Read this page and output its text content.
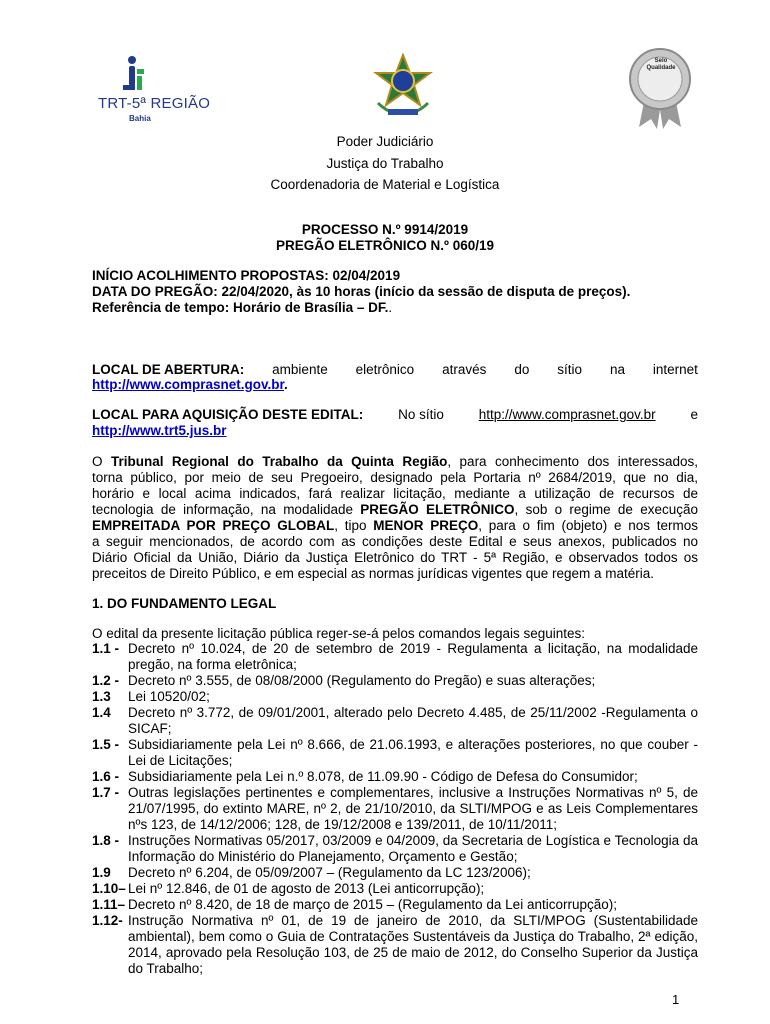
TRT-5ª REGIÃO
Bahia
Selo Qualidade
Poder Judiciário
Justiça do Trabalho
Coordenadoria de Material e Logística
PROCESSO N.º 9914/2019
PREGÃO ELETRÔNICO N.º 060/19
INÍCIO ACOLHIMENTO PROPOSTAS: 02/04/2019
DATA DO PREGÃO: 22/04/2020, às 10 horas (início da sessão de disputa de preços).
Referência de tempo: Horário de Brasília – DF..
LOCAL DE ABERTURA: ambiente eletrônico através do sítio na internet
http://www.comprasnet.gov.br.
LOCAL PARA AQUISIÇÃO DESTE EDITAL:	No sítio	http://www.comprasnet.gov.br	e
http://www.trt5.jus.br
O Tribunal Regional do Trabalho da Quinta Região, para conhecimento dos interessados,
torna público, por meio de seu Pregoeiro, designado pela Portaria nº 2684/2019, que no dia,
horário e local acima indicados, fará realizar licitação, mediante a utilização de recursos de
tecnologia de informação, na modalidade PREGÃO ELETRÔNICO, sob o regime de execução
EMPREITADA POR PREÇO GLOBAL, tipo MENOR PREÇO, para o fim (objeto) e nos termos
a seguir mencionados, de acordo com as condições deste Edital e seus anexos, publicados no
Diário Oficial da União, Diário da Justiça Eletrônico do TRT - 5ª Região, e observados todos os
preceitos de Direito Público, e em especial as normas jurídicas vigentes que regem a matéria.
1. DO FUNDAMENTO LEGAL
O edital da presente licitação pública reger-se-á pelos comandos legais seguintes:
1.1 - Decreto nº 10.024, de 20 de setembro de 2019 - Regulamenta a licitação, na modalidade pregão, na forma eletrônica;
1.2 - Decreto nº 3.555, de 08/08/2000 (Regulamento do Pregão) e suas alterações;
1.3 Lei 10520/02;
1.4 Decreto nº 3.772, de 09/01/2001, alterado pelo Decreto 4.485, de 25/11/2002 -Regulamenta o SICAF;
1.5 - Subsidiariamente pela Lei nº 8.666, de 21.06.1993, e alterações posteriores, no que couber - Lei de Licitações;
1.6 - Subsidiariamente pela Lei n.º 8.078, de 11.09.90 - Código de Defesa do Consumidor;
1.7 - Outras legislações pertinentes e complementares, inclusive a Instruções Normativas nº 5, de 21/07/1995, do extinto MARE, nº 2, de 21/10/2010, da SLTI/MPOG e as Leis Complementares nºs 123, de 14/12/2006; 128, de 19/12/2008 e 139/2011, de 10/11/2011;
1.8 - Instruções Normativas 05/2017, 03/2009 e 04/2009, da Secretaria de Logística e Tecnologia da Informação do Ministério do Planejamento, Orçamento e Gestão;
1.9 Decreto nº 6.204, de 05/09/2007 – (Regulamento da LC 123/2006);
1.10– Lei nº 12.846, de 01 de agosto de 2013 (Lei anticorrupção);
1.11– Decreto nº 8.420, de 18 de março de 2015 – (Regulamento da Lei anticorrupção);
1.12- Instrução Normativa nº 01, de 19 de janeiro de 2010, da SLTI/MPOG (Sustentabilidade ambiental), bem como o Guia de Contratações Sustentáveis da Justiça do Trabalho, 2ª edição, 2014, aprovado pela Resolução 103, de 25 de maio de 2012, do Conselho Superior da Justiça do Trabalho;
1
